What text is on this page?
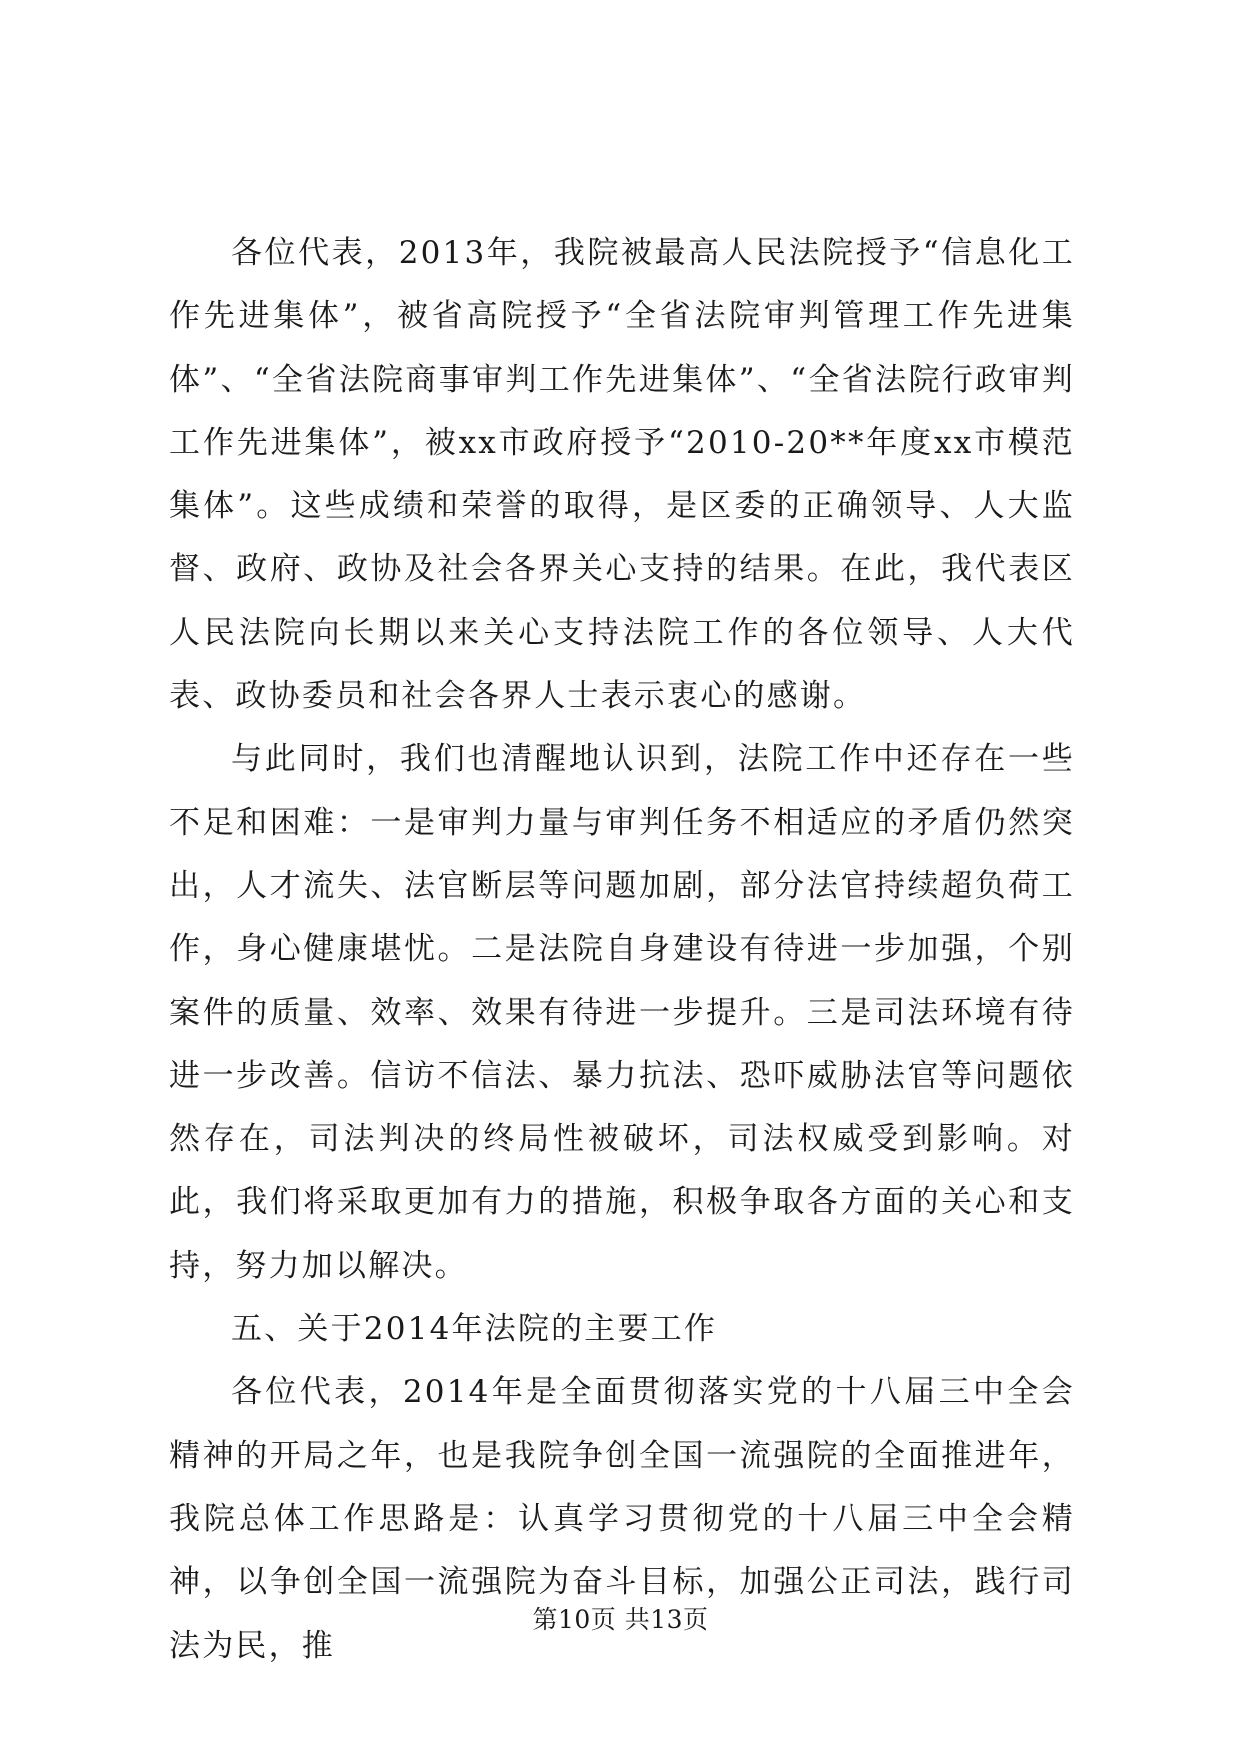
各位代表，2013年，我院被最高人民法院授予“信息化工作先进集体”，被省高院授予“全省法院审判管理工作先进集体”、“全省法院商事审判工作先进集体”、“全省法院行政审判工作先进集体”，被xx市政府授予“2010-20**年度xx市模范集体”。这些成绩和荣誉的取得，是区委的正确领导、人大监督、政府、政协及社会各界关心支持的结果。在此，我代表区人民法院向长期以来关心支持法院工作的各位领导、人大代表、政协委员和社会各界人士表示衷心的感谢。

与此同时，我们也清醒地认识到，法院工作中还存在一些不足和困难：一是审判力量与审判任务不相适应的矛盾仍然突出，人才流失、法官断层等问题加剧，部分法官持续超负荷工作，身心健康堪忧。二是法院自身建设有待进一步加强，个别案件的质量、效率、效果有待进一步提升。三是司法环境有待进一步改善。信访不信法、暴力抗法、恐吓威胁法官等问题依然存在，司法判决的终局性被破坏，司法权威受到影响。对此，我们将采取更加有力的措施，积极争取各方面的关心和支持，努力加以解决。

五、关于2014年法院的主要工作

各位代表，2014年是全面贯彻落实党的十八届三中全会精神的开局之年，也是我院争创全国一流强院的全面推进年，我院总体工作思路是：认真学习贯彻党的十八届三中全会精神，以争创全国一流强院为奋斗目标，加强公正司法，践行司法为民，推

第10页 共13页
